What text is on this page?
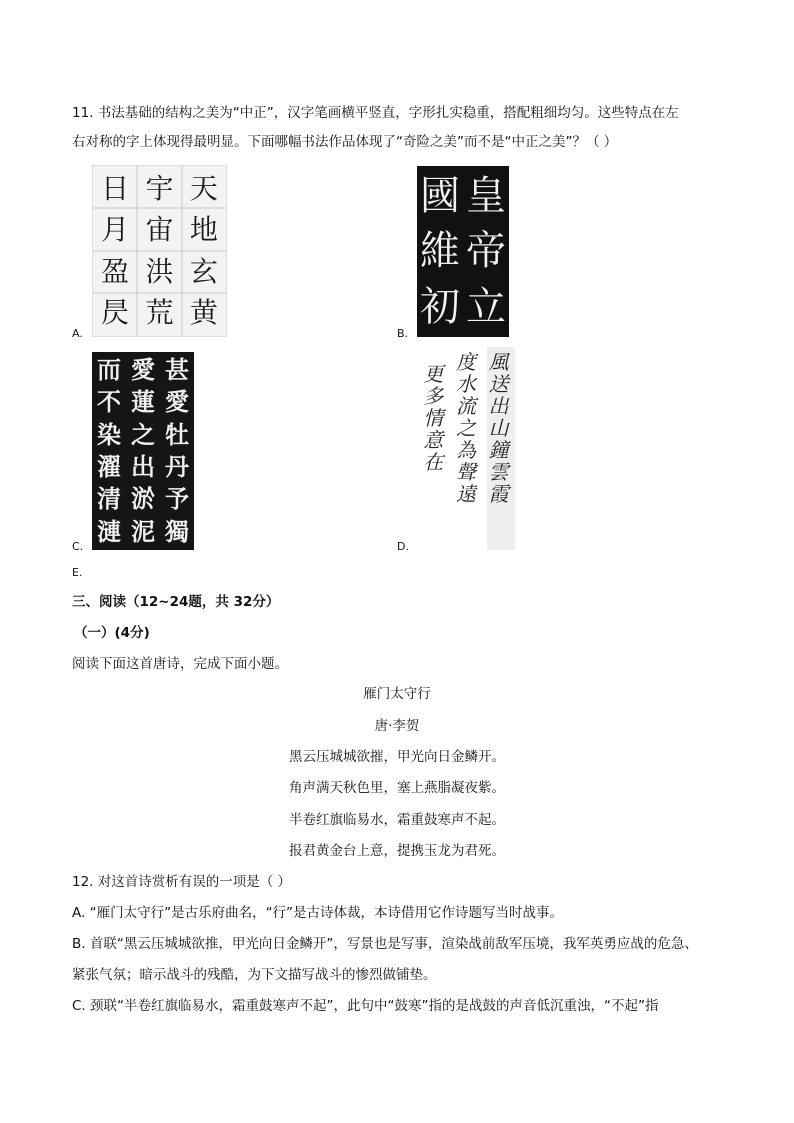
11. 书法基础的结构之美为“中正”，汉字笔画横平竖直，字形扎实稳重，搭配粗细均匀。这些特点在左
右对称的字上体现得最明显。下面哪幅书法作品体现了“奇险之美”而不是“中正之美”？（ ）
天
地
玄
黄
宇
宙
洪
荒
日
月
盈
昃
A.
皇
帝
立
國
維
初
B.
甚
愛
牡
丹
予
獨
愛
蓮
之
出
淤
泥
而
不
染
濯
清
漣
C.
風
送
出
山
鐘
雲
霞
度
水
流
之
為
聲
遠
更
多
情
意
在
D.
E.
三、阅读（12~24题，共 32分）
（一）(4分)
阅读下面这首唐诗，完成下面小题。
雁门太守行
唐·李贺
黑云压城城欲摧，甲光向日金鳞开。
角声满天秋色里，塞上燕脂凝夜紫。
半卷红旗临易水，霜重鼓寒声不起。
报君黄金台上意，提携玉龙为君死。
12. 对这首诗赏析有误的一项是（ ）
A. “雁门太守行”是古乐府曲名，“行”是古诗体裁，本诗借用它作诗题写当时战事。
B. 首联“黑云压城城欲推，甲光向日金鳞开”，写景也是写事，渲染战前敌军压境，我军英勇应战的危急、
紧张气氛；暗示战斗的残酷，为下文描写战斗的惨烈做铺垫。
C. 颈联“半卷红旗临易水，霜重鼓寒声不起”，此句中“鼓寒”指的是战鼓的声音低沉重浊，“不起”指
